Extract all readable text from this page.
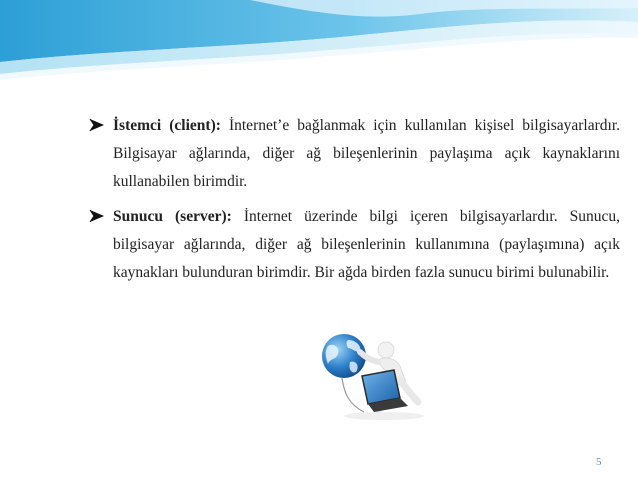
İstemci (client): İnternet’e bağlanmak için kullanılan kişisel bilgisayarlardır. Bilgisayar ağlarında, diğer ağ bileşenlerinin paylaşıma açık kaynaklarını kullanabilen birimdir.
Sunucu (server): İnternet üzerinde bilgi içeren bilgisayarlardır. Sunucu, bilgisayar ağlarında, diğer ağ bileşenlerinin kullanımına (paylaşımına) açık kaynakları bulunduran birimdir. Bir ağda birden fazla sunucu birimi bulunabilir.
5
